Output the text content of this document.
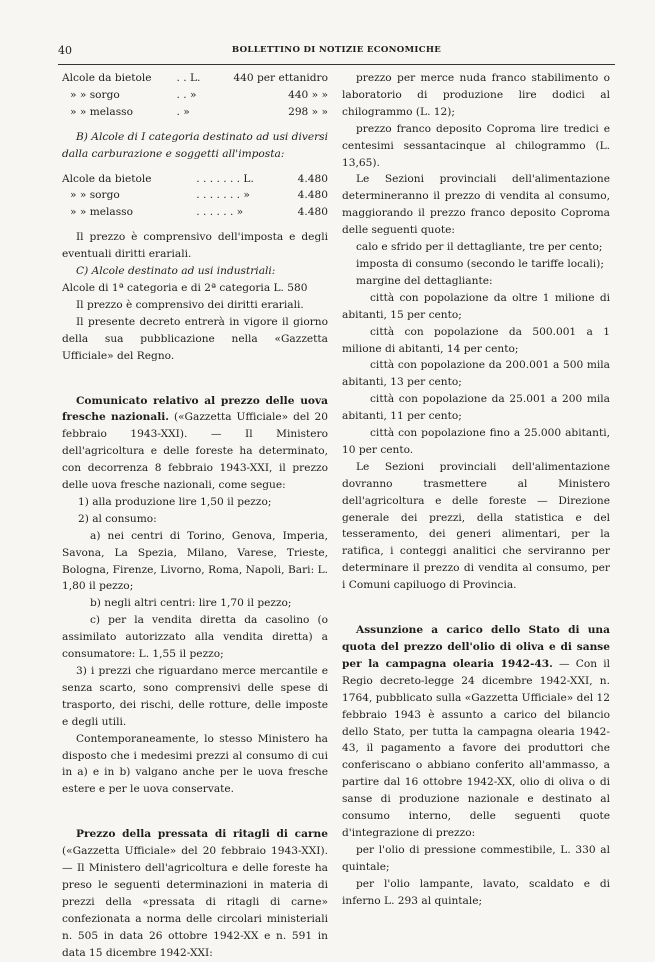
40	BOLLETTINO DI NOTIZIE ECONOMICHE
Alcole da bietole	. . L.	440 per ettanidro
» » sorgo	. . »	440 » »
» » melasso	. »	298 » »

B) Alcole di I categoria destinato ad usi diversi dalla carburazione e soggetti all'imposta:

Alcole da bietole	. . . . . . . L.	4.480
» » sorgo	. . . . . . . »	4.480
» » melasso	. . . . . . »	4.480

Il prezzo è comprensivo dell'imposta e degli eventuali diritti erariali.

C) Alcole destinato ad usi industriali:

Alcole di 1ª categoria e di 2ª categoria L. 580

Il prezzo è comprensivo dei diritti erariali.

Il presente decreto entrerà in vigore il giorno della sua pubblicazione nella «Gazzetta Ufficiale» del Regno.

Comunicato relativo al prezzo delle uova fresche nazionali. («Gazzetta Ufficiale» del 20 febbraio 1943-XXI). — Il Ministero dell'agricoltura e delle foreste ha determinato, con decorrenza 8 febbraio 1943-XXI, il prezzo delle uova fresche nazionali, come segue:

1) alla produzione lire 1,50 il pezzo;

2) al consumo:

a) nei centri di Torino, Genova, Imperia, Savona, La Spezia, Milano, Varese, Trieste, Bologna, Firenze, Livorno, Roma, Napoli, Bari: L. 1,80 il pezzo;

b) negli altri centri: lire 1,70 il pezzo;

c) per la vendita diretta da casolino (o assimilato autorizzato alla vendita diretta) a consumatore: L. 1,55 il pezzo;

3) i prezzi che riguardano merce mercantile e senza scarto, sono comprensivi delle spese di trasporto, dei rischi, delle rotture, delle imposte e degli utili.

Contemporaneamente, lo stesso Ministero ha disposto che i medesimi prezzi al consumo di cui in a) e in b) valgano anche per le uova fresche estere e per le uova conservate.

Prezzo della pressata di ritagli di carne («Gazzetta Ufficiale» del 20 febbraio 1943-XXI). — Il Ministero dell'agricoltura e delle foreste ha preso le seguenti determinazioni in materia di prezzi della «pressata di ritagli di carne» confezionata a norma delle circolari ministeriali n. 505 in data 26 ottobre 1942-XX e n. 591 in data 15 dicembre 1942-XXI:

prezzo per merce nuda franco stabilimento o laboratorio di produzione lire dodici al chilogrammo (L. 12);

prezzo franco deposito Coproma lire tredici e centesimi sessantacinque al chilogrammo (L. 13,65).

Le Sezioni provinciali dell'alimentazione determineranno il prezzo di vendita al consumo, maggiorando il prezzo franco deposito Coproma delle seguenti quote:

calo e sfrido per il dettagliante, tre per cento;

imposta di consumo (secondo le tariffe locali);

margine del dettagliante:

città con popolazione da oltre 1 milione di abitanti, 15 per cento;

città con popolazione da 500.001 a 1 milione di abitanti, 14 per cento;

città con popolazione da 200.001 a 500 mila abitanti, 13 per cento;

città con popolazione da 25.001 a 200 mila abitanti, 11 per cento;

città con popolazione fino a 25.000 abitanti, 10 per cento.

Le Sezioni provinciali dell'alimentazione dovranno trasmettere al Ministero dell'agricoltura e delle foreste — Direzione generale dei prezzi, della statistica e del tesseramento, dei generi alimentari, per la ratifica, i conteggi analitici che serviranno per determinare il prezzo di vendita al consumo, per i Comuni capiluogo di Provincia.

Assunzione a carico dello Stato di una quota del prezzo dell'olio di oliva e di sanse per la campagna olearia 1942-43. — Con il Regio decreto-legge 24 dicembre 1942-XXI, n. 1764, pubblicato sulla «Gazzetta Ufficiale» del 12 febbraio 1943 è assunto a carico del bilancio dello Stato, per tutta la campagna olearia 1942-43, il pagamento a favore dei produttori che conferiscano o abbiano conferito all'ammasso, a partire dal 16 ottobre 1942-XX, olio di oliva o di sanse di produzione nazionale e destinato al consumo interno, delle seguenti quote d'integrazione di prezzo:

per l'olio di pressione commestibile, L. 330 al quintale;

per l'olio lampante, lavato, scaldato e di inferno L. 293 al quintale;
